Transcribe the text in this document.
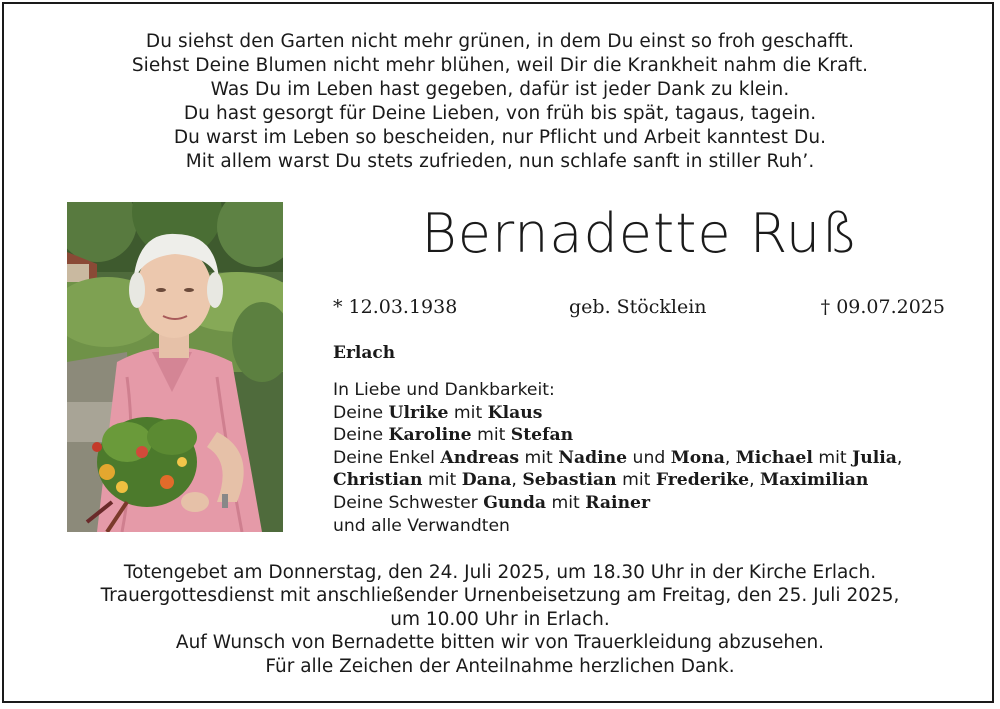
Du siehst den Garten nicht mehr grünen, in dem Du einst so froh geschafft.
Siehst Deine Blumen nicht mehr blühen, weil Dir die Krankheit nahm die Kraft.
Was Du im Leben hast gegeben, dafür ist jeder Dank zu klein.
Du hast gesorgt für Deine Lieben, von früh bis spät, tagaus, tagein.
Du warst im Leben so bescheiden, nur Pflicht und Arbeit kanntest Du.
Mit allem warst Du stets zufrieden, nun schlafe sanft in stiller Ruh’.
Bernadette Ruß
* 12.03.1938	geb. Stöcklein	† 09.07.2025
Erlach
In Liebe und Dankbarkeit:
Deine Ulrike mit Klaus
Deine Karoline mit Stefan
Deine Enkel Andreas mit Nadine und Mona, Michael mit Julia,
Christian mit Dana, Sebastian mit Frederike, Maximilian
Deine Schwester Gunda mit Rainer
und alle Verwandten
Totengebet am Donnerstag, den 24. Juli 2025, um 18.30 Uhr in der Kirche Erlach.
Trauergottesdienst mit anschließender Urnenbeisetzung am Freitag, den 25. Juli 2025,
um 10.00 Uhr in Erlach.
Auf Wunsch von Bernadette bitten wir von Trauerkleidung abzusehen.
Für alle Zeichen der Anteilnahme herzlichen Dank.
